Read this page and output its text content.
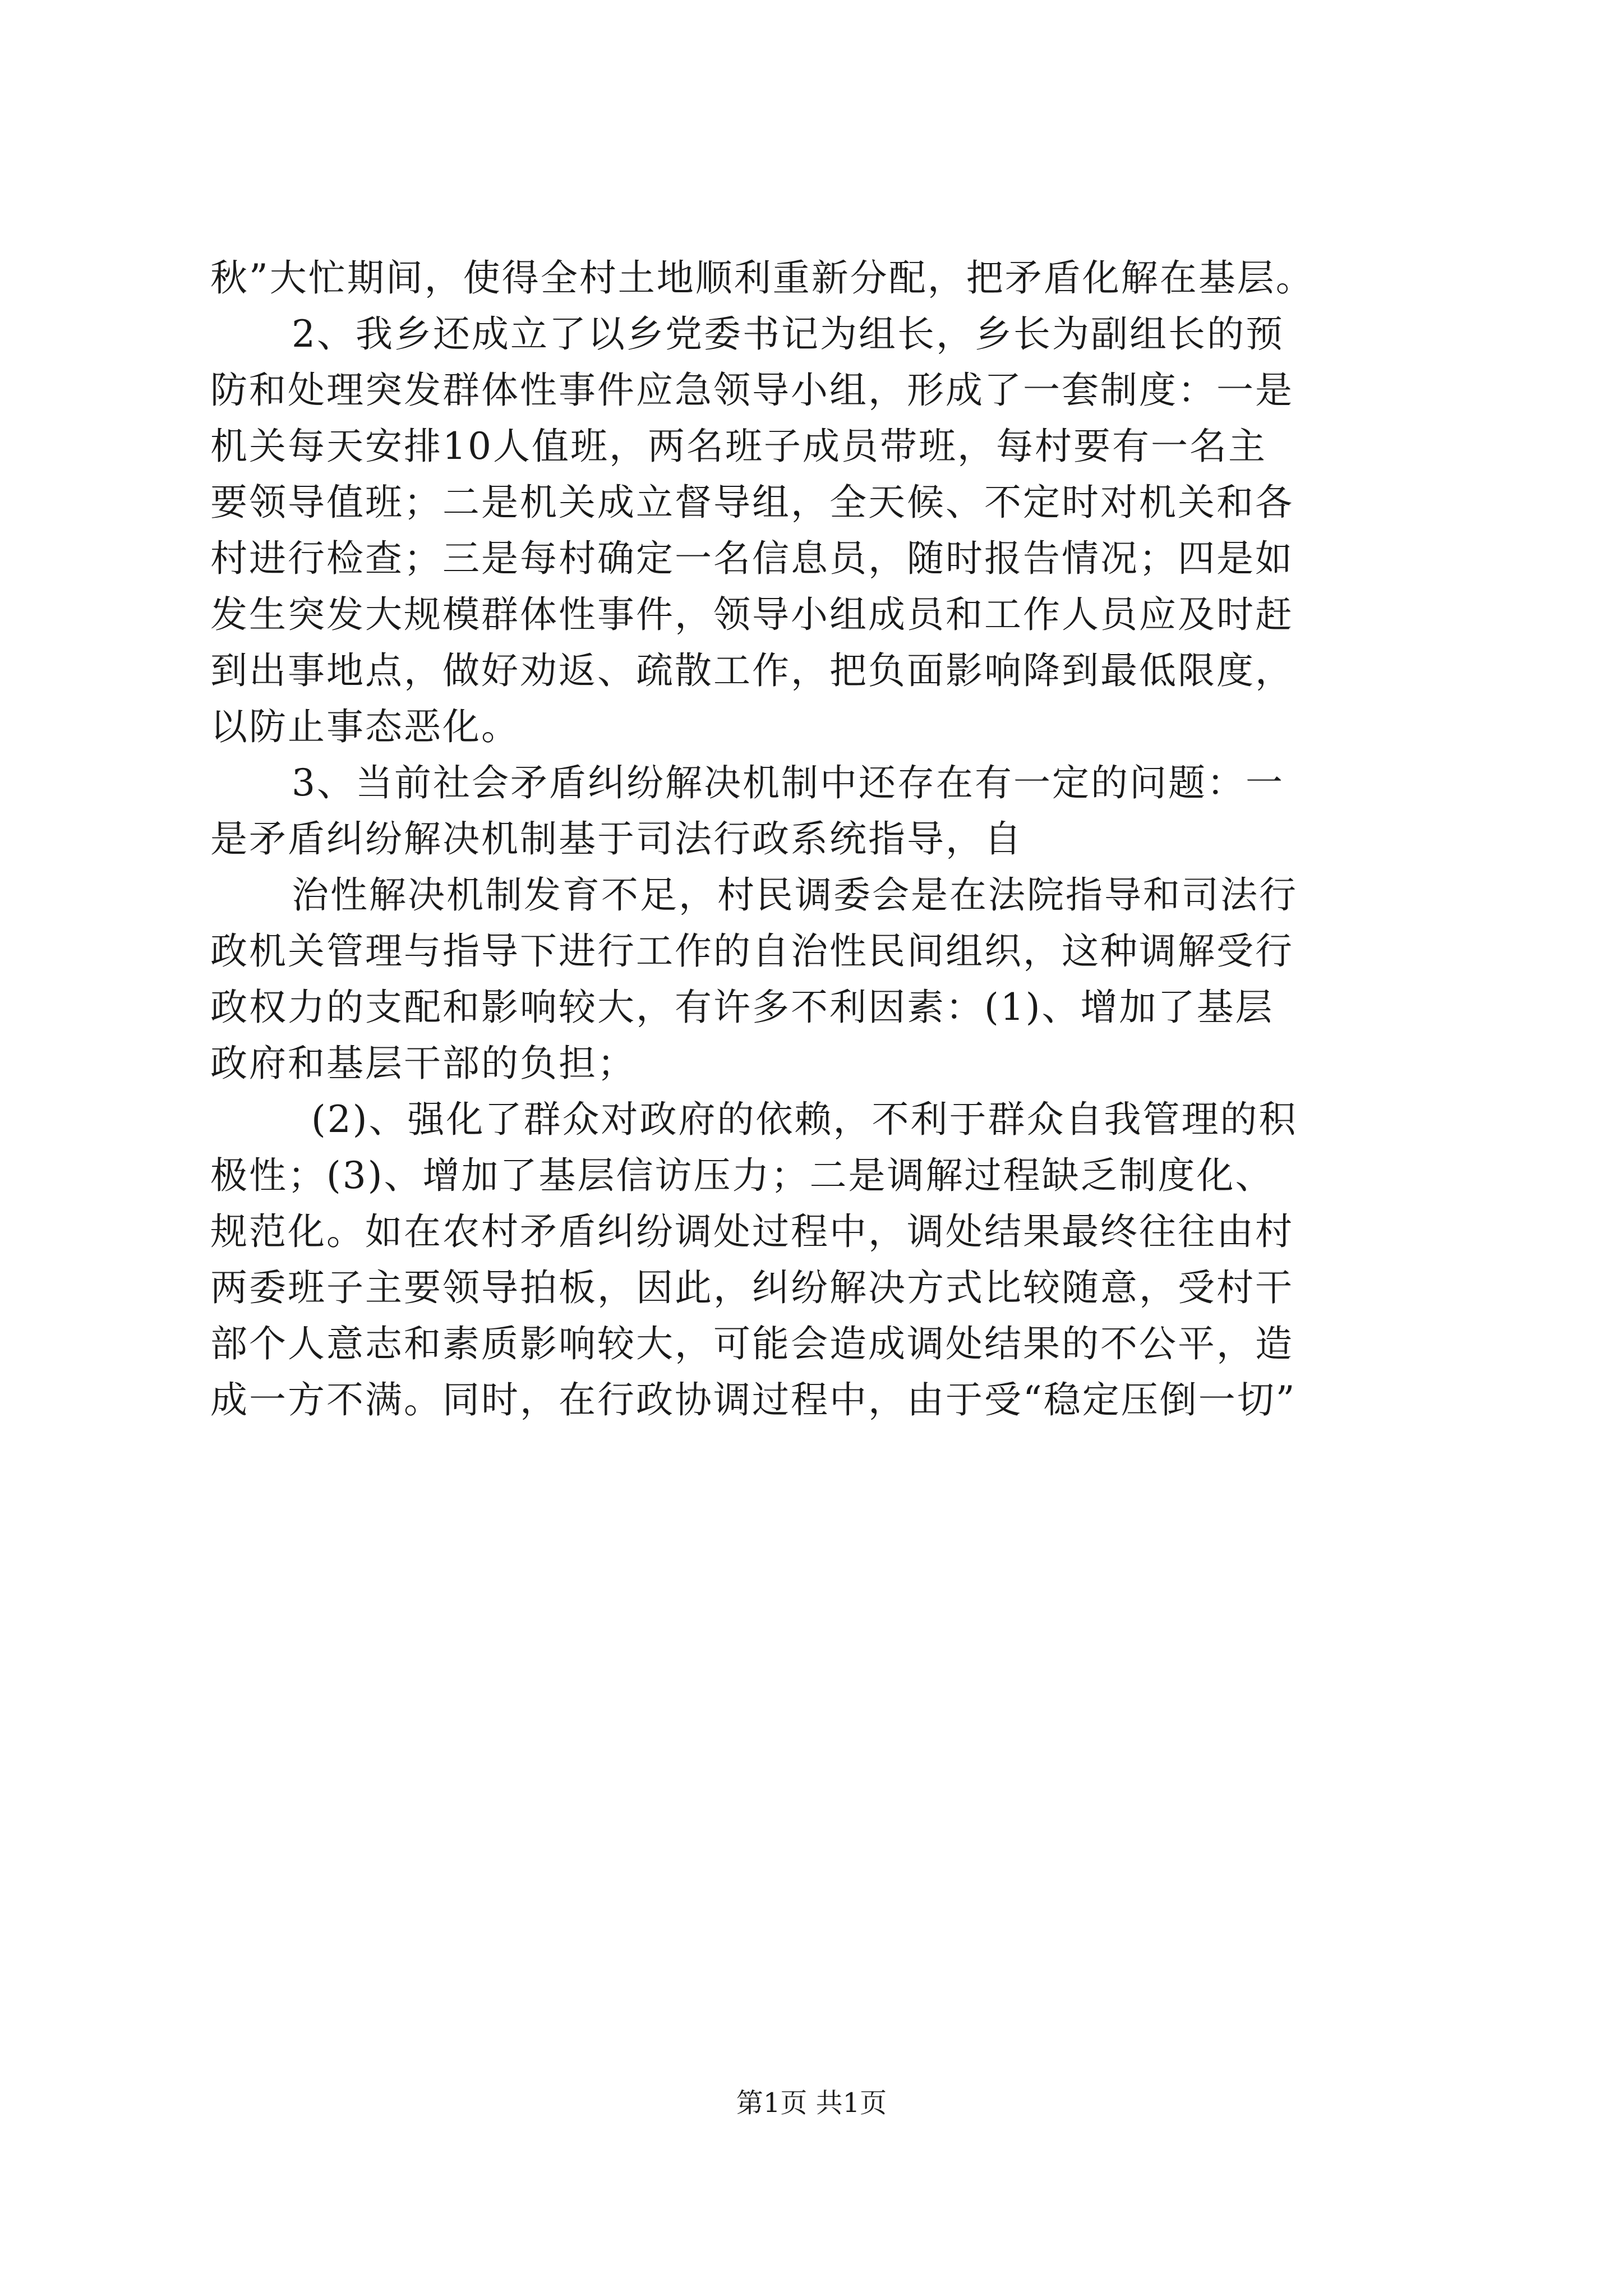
秋”大忙期间，使得全村土地顺利重新分配，把矛盾化解在基层。
2、我乡还成立了以乡党委书记为组长，乡长为副组长的预
防和处理突发群体性事件应急领导小组，形成了一套制度：一是
机关每天安排10人值班，两名班子成员带班，每村要有一名主
要领导值班；二是机关成立督导组，全天候、不定时对机关和各
村进行检查；三是每村确定一名信息员，随时报告情况；四是如
发生突发大规模群体性事件，领导小组成员和工作人员应及时赶
到出事地点，做好劝返、疏散工作，把负面影响降到最低限度，
以防止事态恶化。
3、当前社会矛盾纠纷解决机制中还存在有一定的问题：一
是矛盾纠纷解决机制基于司法行政系统指导，自
治性解决机制发育不足，村民调委会是在法院指导和司法行
政机关管理与指导下进行工作的自治性民间组织，这种调解受行
政权力的支配和影响较大，有许多不利因素：(1)、增加了基层
政府和基层干部的负担；
(2)、强化了群众对政府的依赖，不利于群众自我管理的积
极性；(3)、增加了基层信访压力；二是调解过程缺乏制度化、
规范化。如在农村矛盾纠纷调处过程中，调处结果最终往往由村
两委班子主要领导拍板，因此，纠纷解决方式比较随意，受村干
部个人意志和素质影响较大，可能会造成调处结果的不公平，造
成一方不满。同时，在行政协调过程中，由于受“稳定压倒一切”
第1页 共1页
